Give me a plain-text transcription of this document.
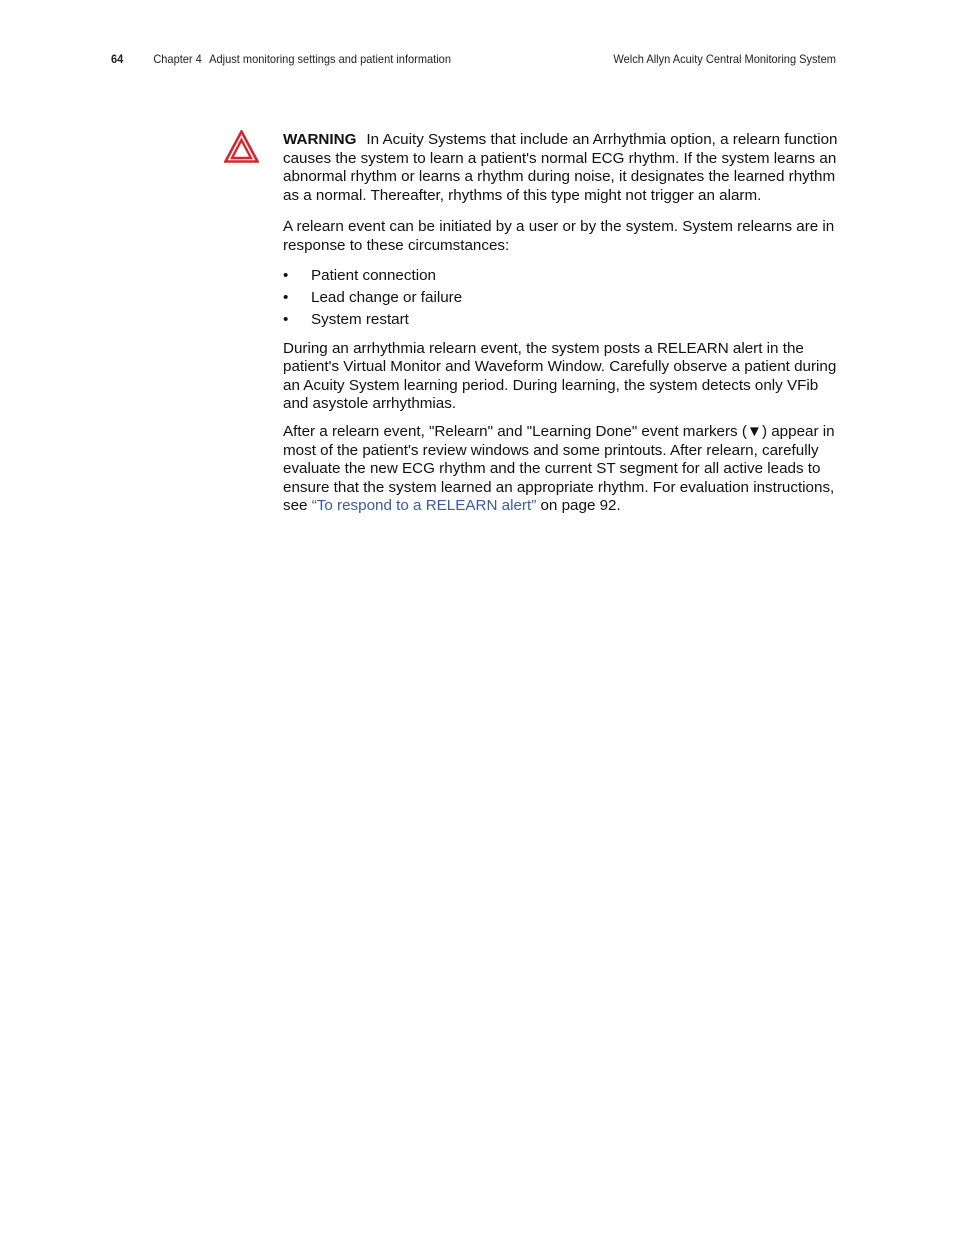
64	Chapter 4 Adjust monitoring settings and patient information	Welch Allyn Acuity Central Monitoring System

WARNING In Acuity Systems that include an Arrhythmia option, a relearn function causes the system to learn a patient's normal ECG rhythm. If the system learns an abnormal rhythm or learns a rhythm during noise, it designates the learned rhythm as a normal. Thereafter, rhythms of this type might not trigger an alarm.

A relearn event can be initiated by a user or by the system. System relearns are in response to these circumstances:

• Patient connection
• Lead change or failure
• System restart

During an arrhythmia relearn event, the system posts a RELEARN alert in the patient's Virtual Monitor and Waveform Window. Carefully observe a patient during an Acuity System learning period. During learning, the system detects only VFib and asystole arrhythmias.

After a relearn event, "Relearn" and "Learning Done" event markers (▼) appear in most of the patient's review windows and some printouts. After relearn, carefully evaluate the new ECG rhythm and the current ST segment for all active leads to ensure that the system learned an appropriate rhythm. For evaluation instructions, see “To respond to a RELEARN alert” on page 92.
